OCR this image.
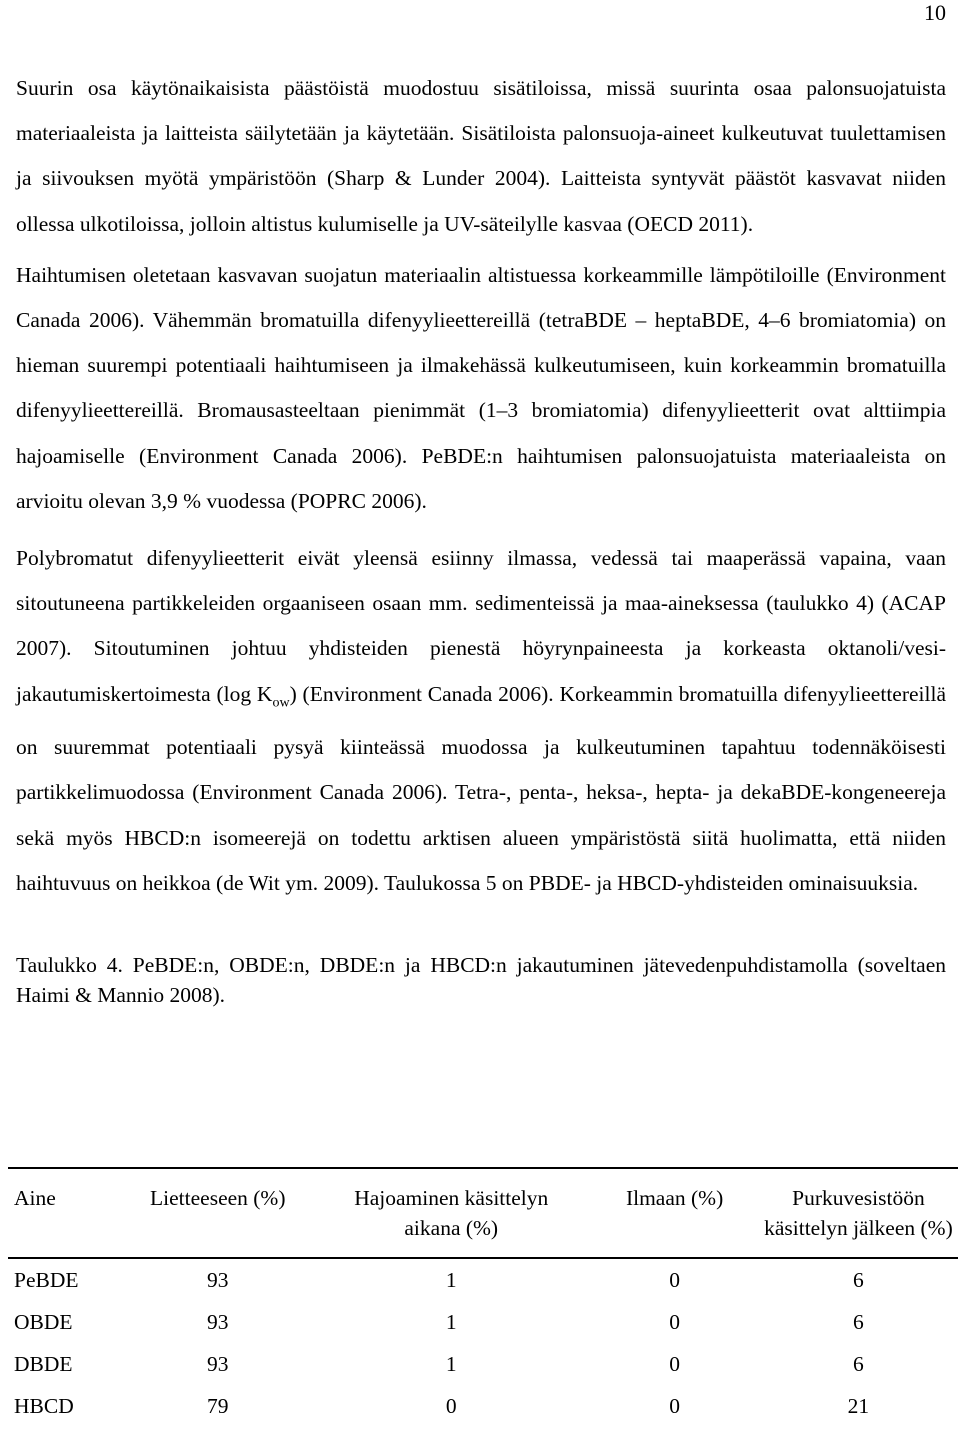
10

Suurin osa käytönaikaisista päästöistä muodostuu sisätiloissa, missä suurinta osaa palonsuojatuista materiaaleista ja laitteista säilytetään ja käytetään. Sisätiloista palonsuoja-aineet kulkeutuvat tuulettamisen ja siivouksen myötä ympäristöön (Sharp & Lunder 2004). Laitteista syntyvät päästöt kasvavat niiden ollessa ulkotiloissa, jolloin altistus kulumiselle ja UV-säteilylle kasvaa (OECD 2011).

Haihtumisen oletetaan kasvavan suojatun materiaalin altistuessa korkeammille lämpötiloille (Environment Canada 2006). Vähemmän bromatuilla difenyylieettereillä (tetraBDE – heptaBDE, 4–6 bromiatomia) on hieman suurempi potentiaali haihtumiseen ja ilmakehässä kulkeutumiseen, kuin korkeammin bromatuilla difenyylieettereillä. Bromausasteeltaan pienimmät (1–3 bromiatomia) difenyylieetterit ovat alttiimpia hajoamiselle (Environment Canada 2006). PeBDE:n haihtumisen palonsuojatuista materiaaleista on arvioitu olevan 3,9 % vuodessa (POPRC 2006).

Polybromatut difenyylieetterit eivät yleensä esiinny ilmassa, vedessä tai maaperässä vapaina, vaan sitoutuneena partikkeleiden orgaaniseen osaan mm. sedimenteissä ja maa-aineksessa (taulukko 4) (ACAP 2007). Sitoutuminen johtuu yhdisteiden pienestä höyrynpaineesta ja korkeasta oktanoli/vesi-jakautumiskertoimesta (log $K_{ow}$) (Environment Canada 2006). Korkeammin bromatuilla difenyylieettereillä on suuremmat potentiaali pysyä kiinteässä muodossa ja kulkeutuminen tapahtuu todennäköisesti partikkelimuodossa (Environment Canada 2006). Tetra-, penta-, heksa-, hepta- ja dekaBDE-kongeneereja sekä myös HBCD:n isomeerejä on todettu arktisen alueen ympäristöstä siitä huolimatta, että niiden haihtuvuus on heikkoa (de Wit ym. 2009). Taulukossa 5 on PBDE- ja HBCD-yhdisteiden ominaisuuksia.

Taulukko 4. PeBDE:n, OBDE:n, DBDE:n ja HBCD:n jakautuminen jätevedenpuhdistamolla (soveltaen Haimi & Mannio 2008).

Aine	Lietteeseen (%)	Hajoaminen käsittelyn aikana (%)	Ilmaan (%)	Purkuvesistöön käsittelyn jälkeen (%)
PeBDE	93	1	0	6
OBDE	93	1	0	6
DBDE	93	1	0	6
HBCD	79	0	0	21
